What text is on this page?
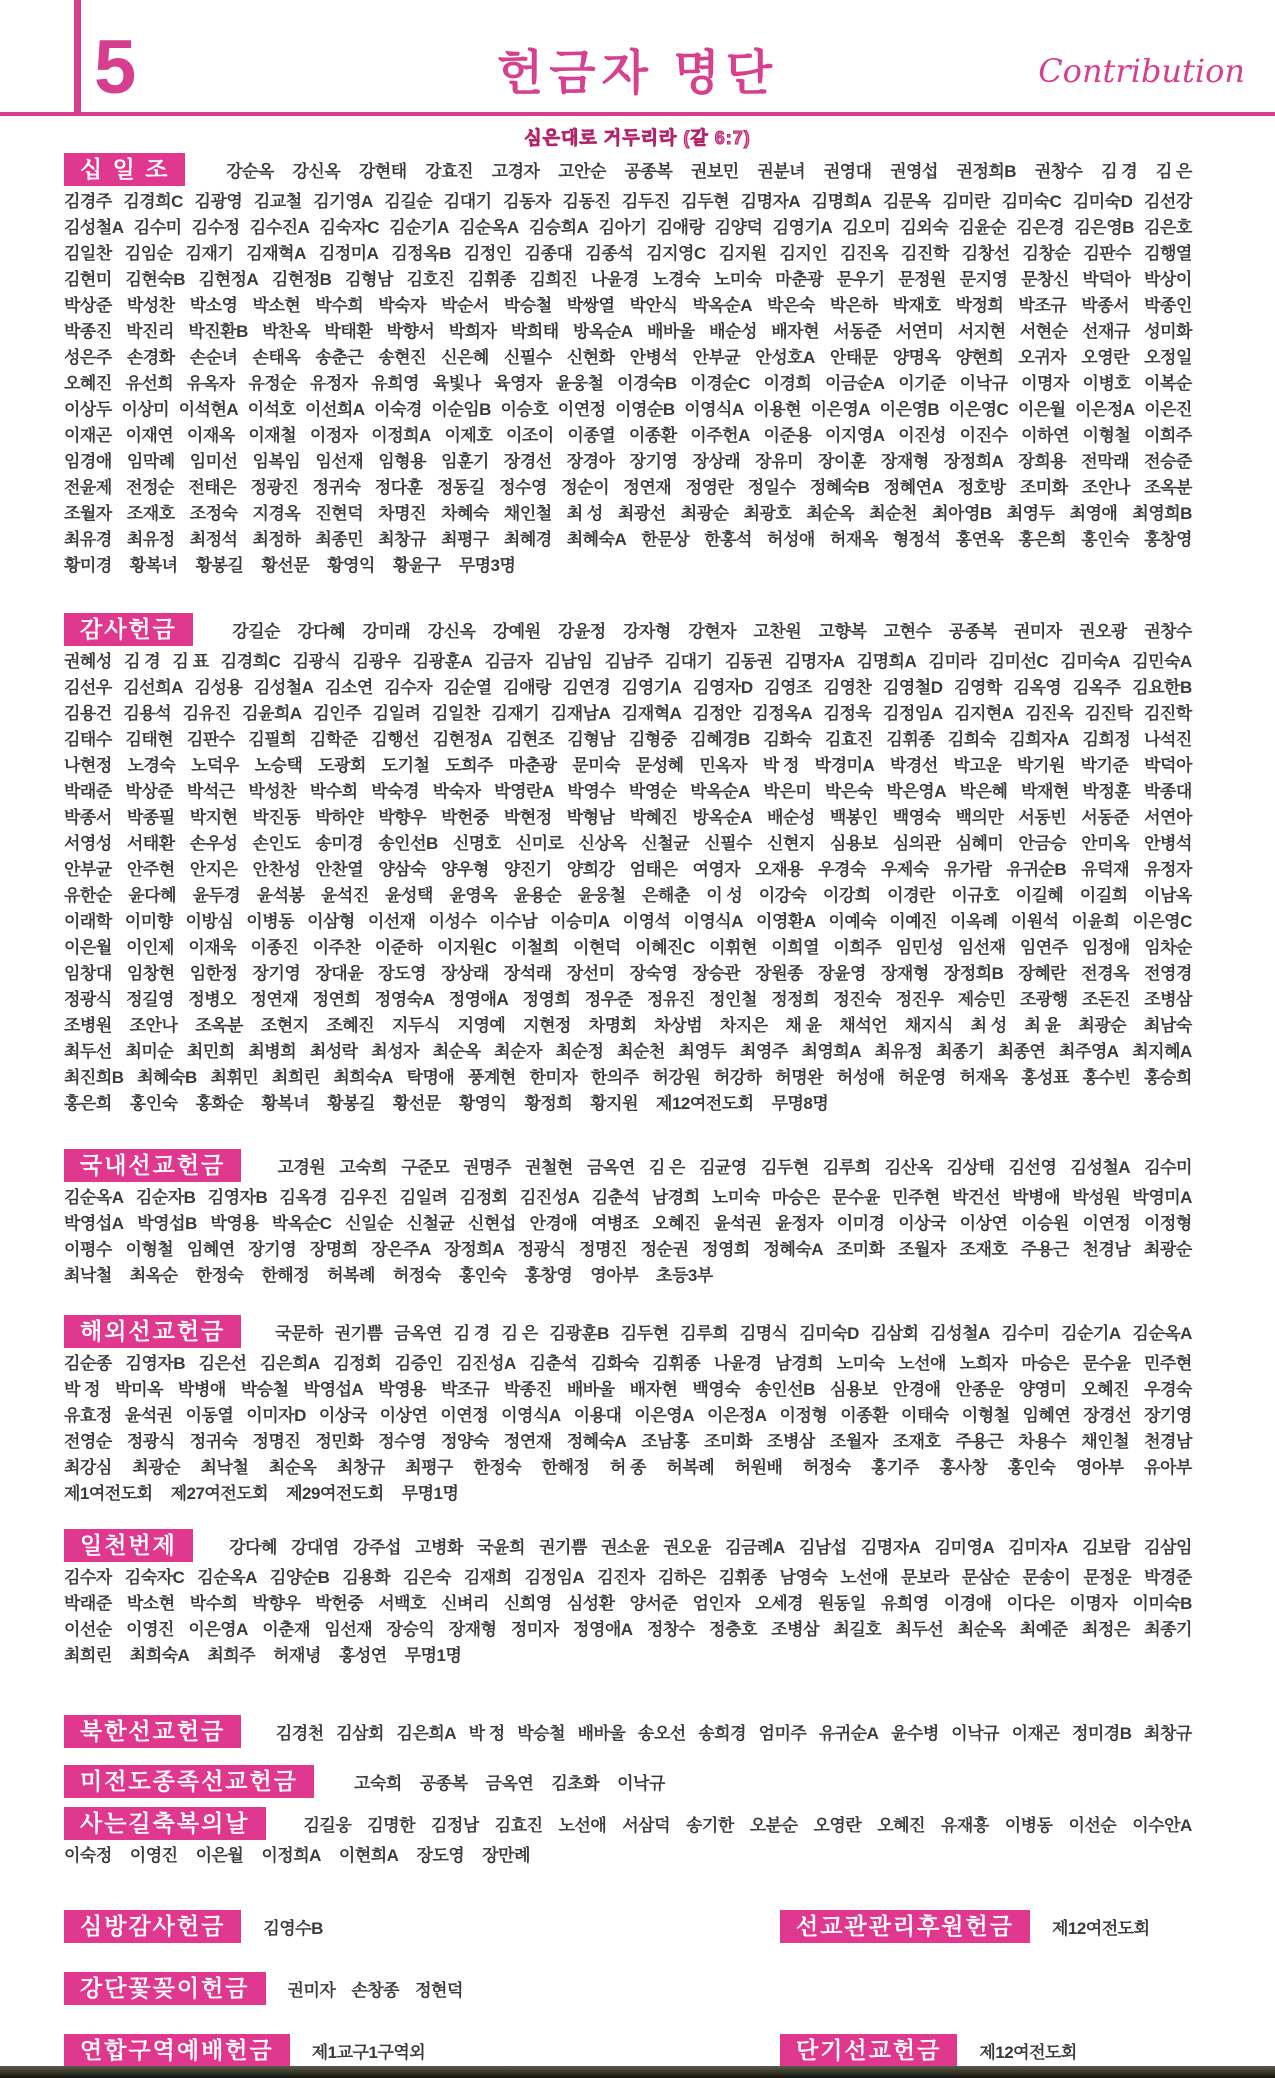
5	헌금자 명단	Contribution
심은대로 거두리라 (갈 6:7)
십 일 조	강순옥 강신옥 강현태 강효진 고경자 고안순 공종복 권보민 권분녀 권영대 권영섭 권정희B 권창수 김 경 김 은
김경주 김경희C 김광영 김교철 김기영A 김길순 김대기 김동자 김동진 김두진 김두현 김명자A 김명희A 김문옥 김미란 김미숙C 김미숙D 김선강
김성철A 김수미 김수정 김수진A 김숙자C 김순기A 김순옥A 김승희A 김아기 김애랑 김양덕 김영기A 김오미 김외숙 김윤순 김은경 김은영B 김은호
김일찬 김임순 김재기 김재혁A 김정미A 김정옥B 김정인 김종대 김종석 김지영C 김지원 김지인 김진옥 김진학 김창선 김창순 김판수 김행열
김현미 김현숙B 김현정A 김현정B 김형남 김호진 김휘종 김희진 나윤경 노경숙 노미숙 마춘광 문우기 문정원 문지영 문창신 박덕아 박상이
박상준 박성찬 박소영 박소현 박수희 박숙자 박순서 박승철 박쌍열 박안식 박옥순A 박은숙 박은하 박재호 박정희 박조규 박종서 박종인
박종진 박진리 박진환B 박찬옥 박태환 박향서 박희자 박희태 방옥순A 배바울 배순성 배자현 서동준 서연미 서지현 서현순 선재규 성미화
성은주 손경화 손순녀 손태옥 송춘근 송현진 신은혜 신필수 신현화 안병석 안부균 안성호A 안태문 양명옥 양현희 오귀자 오영란 오정일
오혜진 유선희 유옥자 유정순 유정자 유희영 육빛나 육영자 윤웅철 이경숙B 이경순C 이경희 이금순A 이기준 이낙규 이명자 이병호 이복순
이상두 이상미 이석현A 이석호 이선희A 이숙경 이순임B 이승호 이연정 이영순B 이영식A 이용현 이은영A 이은영B 이은영C 이은월 이은정A 이은진
이재곤 이재연 이재옥 이재철 이정자 이정희A 이제호 이조이 이종열 이종환 이주헌A 이준용 이지영A 이진성 이진수 이하연 이형철 이희주
임경애 임막례 임미선 임복임 임선재 임형용 임훈기 장경선 장경아 장기영 장상래 장유미 장이훈 장재형 장정희A 장희용 전막래 전승준
전윤제 전정순 전태은 정광진 정귀숙 정다훈 정동길 정수영 정순이 정연재 정영란 정일수 정혜숙B 정혜연A 정호방 조미화 조안나 조옥분
조월자 조재호 조정숙 지경옥 진현덕 차명진 차혜숙 채인철 최 성 최광선 최광순 최광호 최순옥 최순천 최아영B 최영두 최영애 최영희B
최유경 최유정 최정석 최정하 최종민 최창규 최평구 최혜경 최혜숙A 한문상 한홍석 허성애 허재옥 형정석 홍연옥 홍은희 홍인숙 홍창영
황미경 황복녀 황봉길 황선문 황영익 황윤구 무명3명
감사헌금	강길순 강다혜 강미래 강신옥 강예원 강윤정 강자형 강현자 고찬원 고향복 고현수 공종복 권미자 권오광 권창수
권혜성 김 경 김 표 김경희C 김광식 김광우 김광훈A 김금자 김남임 김남주 김대기 김동권 김명자A 김명희A 김미라 김미선C 김미숙A 김민숙A
김선우 김선희A 김성용 김성철A 김소연 김수자 김순열 김애랑 김연경 김영기A 김영자D 김영조 김영찬 김영철D 김영학 김옥영 김옥주 김요한B
김용건 김용석 김유진 김윤희A 김인주 김일려 김일찬 김재기 김재남A 김재혁A 김정안 김정옥A 김정욱 김정임A 김지현A 김진옥 김진탁 김진학
김태수 김태현 김판수 김필희 김학준 김행선 김현정A 김현조 김형남 김형중 김혜경B 김화숙 김효진 김휘종 김희숙 김희자A 김희정 나석진
나현정 노경숙 노덕우 노승택 도광회 도기철 도희주 마춘광 문미숙 문성혜 민옥자 박 정 박경미A 박경선 박고운 박기원 박기준 박덕아
박래준 박상준 박석근 박성찬 박수희 박숙경 박숙자 박영란A 박영수 박영순 박옥순A 박은미 박은숙 박은영A 박은혜 박재현 박정훈 박종대
박종서 박종필 박지현 박진동 박하얀 박향우 박헌중 박현정 박형남 박혜진 방옥순A 배순성 백봉인 백영숙 백의만 서동빈 서동준 서연아
서영성 서태환 손우성 손인도 송미경 송인선B 신명호 신미로 신상옥 신철균 신필수 신현지 심용보 심의관 심혜미 안금승 안미옥 안병석
안부균 안주현 안지은 안찬성 안찬열 양삼숙 양우형 양진기 양희강 엄태은 여영자 오재용 우경숙 우제숙 유가람 유귀순B 유덕재 유정자
유한순 윤다혜 윤두경 윤석봉 윤석진 윤성택 윤영옥 윤용순 윤웅철 은해춘 이 성 이강숙 이강희 이경란 이규호 이길혜 이길희 이남옥
이래학 이미향 이방심 이병동 이삼형 이선재 이성수 이수남 이승미A 이영석 이영식A 이영환A 이예숙 이예진 이옥례 이원석 이윤희 이은영C
이은월 이인제 이재욱 이종진 이주찬 이준하 이지원C 이철희 이현덕 이혜진C 이휘현 이희열 이희주 임민성 임선재 임연주 임정애 임차순
임창대 임창현 임한정 장기영 장대윤 장도영 장상래 장석래 장선미 장숙영 장승관 장원종 장윤영 장재형 장정희B 장혜란 전경옥 전영경
정광식 정길영 정병오 정연재 정연희 정영숙A 정영애A 정영희 정우준 정유진 정인철 정정희 정진숙 정진우 제승민 조광행 조돈진 조병삼
조병원 조안나 조옥분 조현지 조혜진 지두식 지영예 지현정 차명회 차상범 차지은 채 윤 채석언 채지식 최 성 최 윤 최광순 최남숙
최두선 최미순 최민희 최병희 최성락 최성자 최순옥 최순자 최순정 최순천 최영두 최영주 최영희A 최유정 최종기 최종연 최주영A 최지혜A
최진희B 최혜숙B 최휘민 최희린 최희숙A 탁명애 풍계현 한미자 한의주 허강원 허강하 허명완 허성애 허운영 허재옥 홍성표 홍수빈 홍승희
홍은희 홍인숙 홍화순 황복녀 황봉길 황선문 황영익 황정희 황지원 제12여전도회 무명8명
국내선교헌금	고경원 고숙희 구준모 권명주 권철현 금옥연 김 은 김균영 김두현 김루희 김산옥 김상태 김선영 김성철A 김수미
김순옥A 김순자B 김영자B 김옥경 김우진 김일려 김정회 김진성A 김춘석 남경희 노미숙 마승은 문수윤 민주현 박건선 박병애 박성원 박영미A
박영섭A 박영섭B 박영용 박옥순C 신일순 신철균 신현섭 안경애 여병조 오혜진 윤석권 윤정자 이미경 이상국 이상연 이승원 이연정 이정형
이평수 이형철 임혜연 장기영 장명희 장은주A 장정희A 정광식 정명진 정순권 정영희 정혜숙A 조미화 조월자 조재호 주용근 천경남 최광순
최낙철 최옥순 한정숙 한해정 허복례 허정숙 홍인숙 홍창영 영아부 초등3부
해외선교헌금	국문하 권기쁨 금옥연 김 경 김 은 김광훈B 김두현 김루희 김명식 김미숙D 김삼회 김성철A 김수미 김순기A 김순옥A
김순종 김영자B 김은선 김은희A 김정회 김증인 김진성A 김춘석 김화숙 김휘종 나윤경 남경희 노미숙 노선애 노희자 마승은 문수윤 민주현
박 정 박미옥 박병애 박승철 박영섭A 박영용 박조규 박종진 배바울 배자현 백영숙 송인선B 심용보 안경애 안종운 양영미 오혜진 우경숙
유효정 윤석권 이동열 이미자D 이상국 이상연 이연정 이영식A 이용대 이은영A 이은정A 이정형 이종환 이태숙 이형철 임혜연 장경선 장기영
전영순 정광식 정귀숙 정명진 정민화 정수영 정양숙 정연재 정혜숙A 조남홍 조미화 조병삼 조월자 조재호 주용근 차용수 채인철 천경남
최강심 최광순 최낙철 최순옥 최창규 최평구 한정숙 한해정 허 종 허복례 허원배 허정숙 홍기주 홍사창 홍인숙 영아부 유아부
제1여전도회 제27여전도회 제29여전도회 무명1명
일천번제	강다혜 강대염 강주섭 고병화 국윤희 권기쁨 권소윤 권오윤 김금례A 김남섭 김명자A 김미영A 김미자A 김보람 김삼임
김수자 김숙자C 김순옥A 김양순B 김용화 김은숙 김재희 김정임A 김진자 김하은 김휘종 남영숙 노선애 문보라 문삼순 문송이 문정운 박경준
박래준 박소현 박수희 박향우 박헌중 서백호 신벼리 신희영 심성환 양서준 엄인자 오세경 원동일 유희영 이경애 이다은 이명자 이미숙B
이선순 이영진 이은영A 이춘재 임선재 장승익 장재형 정미자 정영애A 정창수 정충호 조병삼 최길호 최두선 최순옥 최예준 최정은 최종기
최희린 최희숙A 최희주 허재녕 홍성연 무명1명
북한선교헌금	김경천 김삼회 김은희A 박 정 박승철 배바울 송오선 송희경 엄미주 유귀순A 윤수병 이낙규 이재곤 정미경B 최창규
미전도종족선교헌금	고숙희 공종복 금옥연 김초화 이낙규
사는길축복의날	김길웅 김명한 김정남 김효진 노선애 서삼덕 송기한 오분순 오영란 오혜진 유재흥 이병동 이선순 이수안A
이숙정 이영진 이은월 이정희A 이현희A 장도영 장만례
심방감사헌금	김영수B	선교관관리후원헌금	제12여전도회
강단꽃꽂이헌금	권미자 손창종 정현덕
연합구역예배헌금	제1교구1구역외	단기선교헌금	제12여전도회
